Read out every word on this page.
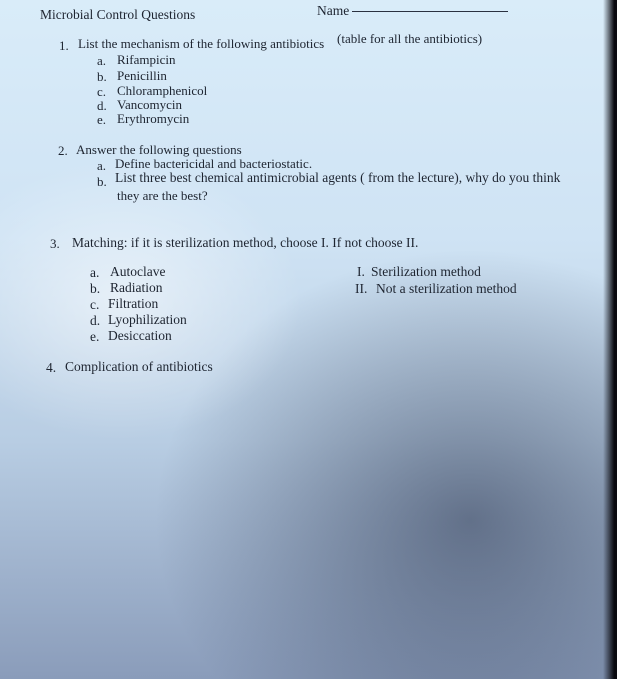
Microbial Control Questions	Name
1. List the mechanism of the following antibiotics (table for all the antibiotics)
a. Rifampicin
b. Penicillin
c. Chloramphenicol
d. Vancomycin
e. Erythromycin
2. Answer the following questions
a. Define bactericidal and bacteriostatic.
b. List three best chemical antimicrobial agents ( from the lecture), why do you think
they are the best?
3. Matching: if it is sterilization method, choose I. If not choose II.
a. Autoclave
b. Radiation
c. Filtration
d. Lyophilization
e. Desiccation
I. Sterilization method
II. Not a sterilization method
4. Complication of antibiotics
